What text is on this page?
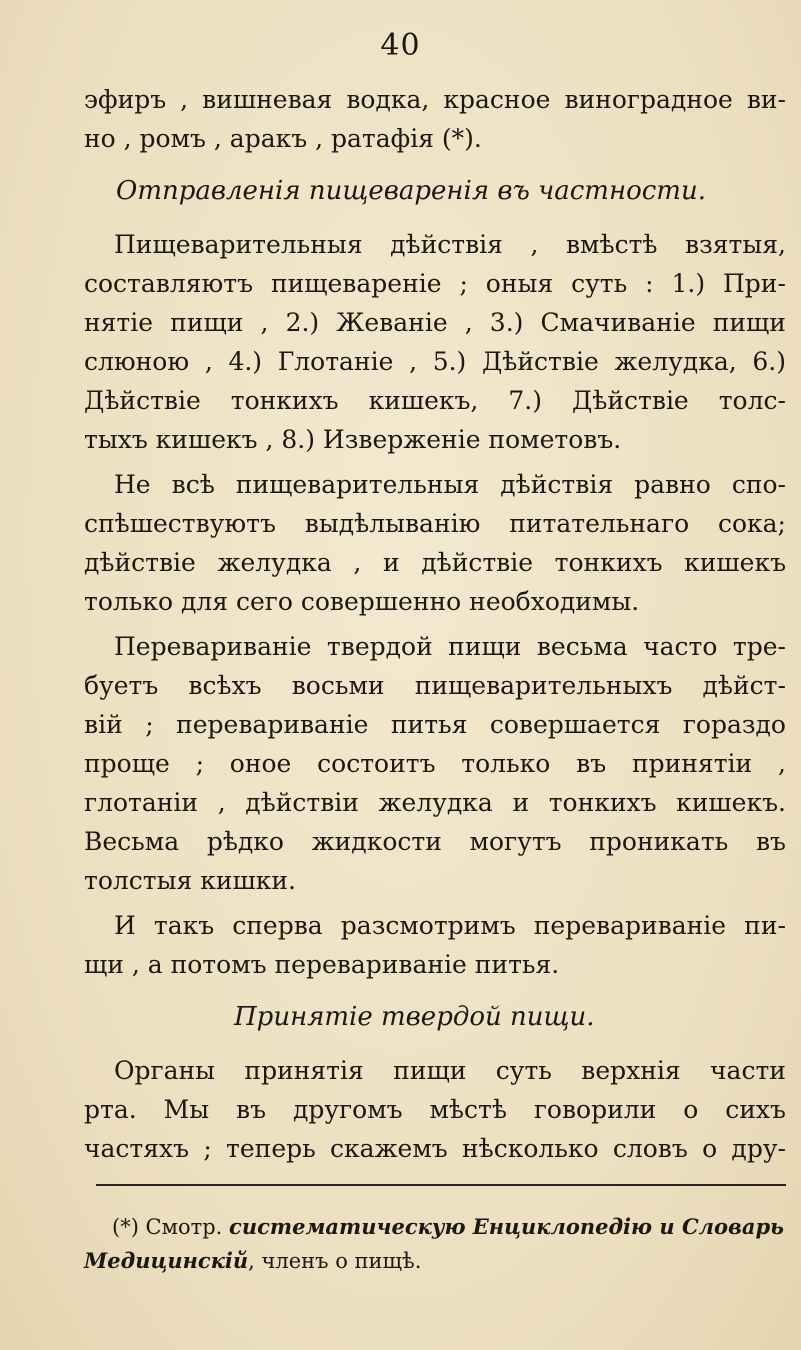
40
эфиръ , вишневая водка, красное виноградное ви-
но , ромъ , аракъ , ратафія (*).
Отправленія пищеваренія въ частности.
Пищеварительныя дѣйствія , вмѣстѣ взятыя,
составляютъ пищевареніе ; оныя суть : 1.) При-
нятіе пищи , 2.) Жеваніе , 3.) Смачиваніе пищи
слюною , 4.) Глотаніе , 5.) Дѣйствіе желудка, 6.)
Дѣйствіе тонкихъ кишекъ, 7.) Дѣйствіе толс-
тыхъ кишекъ , 8.) Изверженіе пометовъ.
Не всѣ пищеварительныя дѣйствія равно спо-
спѣшествуютъ выдѣлыванію питательнаго сока;
дѣйствіе желудка , и дѣйствіе тонкихъ кишекъ
только для сего совершенно необходимы.
Перевариваніе твердой пищи весьма часто тре-
буетъ всѣхъ восьми пищеварительныхъ дѣйст-
вій ; перевариваніе питья совершается гораздо
проще ; оное состоитъ только въ принятіи ,
глотаніи , дѣйствіи желудка и тонкихъ кишекъ.
Весьма рѣдко жидкости могутъ проникать въ
толстыя кишки.
И такъ сперва разсмотримъ перевариваніе пи-
щи , а потомъ перевариваніе питья.
Принятіе твердой пищи.
Органы принятія пищи суть верхнія части
рта. Мы въ другомъ мѣстѣ говорили о сихъ
частяхъ ; теперь скажемъ нѣсколько словъ о дру-
(*) Смотр. систематическую Енциклопедію и Словарь
Медицинскій, членъ о пищѣ.
